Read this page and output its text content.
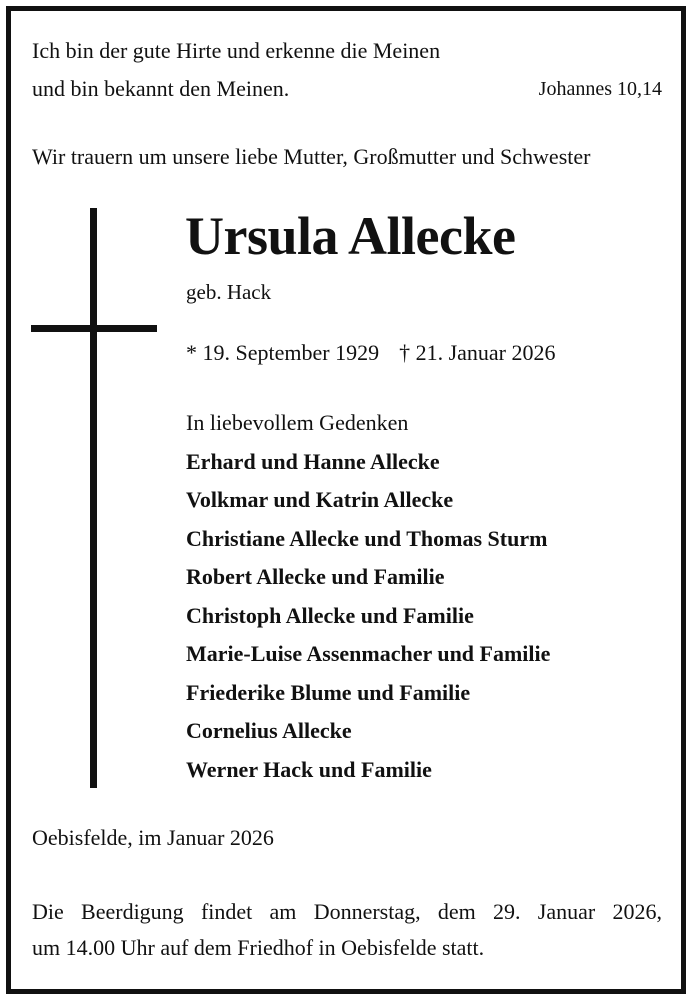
Ich bin der gute Hirte und erkenne die Meinen
und bin bekannt den Meinen.	Johannes 10,14
Wir trauern um unsere liebe Mutter, Großmutter und Schwester
Ursula Allecke
geb. Hack
* 19. September 1929 † 21. Januar 2026
In liebevollem Gedenken
Erhard und Hanne Allecke
Volkmar und Katrin Allecke
Christiane Allecke und Thomas Sturm
Robert Allecke und Familie
Christoph Allecke und Familie
Marie-Luise Assenmacher und Familie
Friederike Blume und Familie
Cornelius Allecke
Werner Hack und Familie
Oebisfelde, im Januar 2026
Die Beerdigung findet am Donnerstag, dem 29. Januar 2026,
um 14.00 Uhr auf dem Friedhof in Oebisfelde statt.
